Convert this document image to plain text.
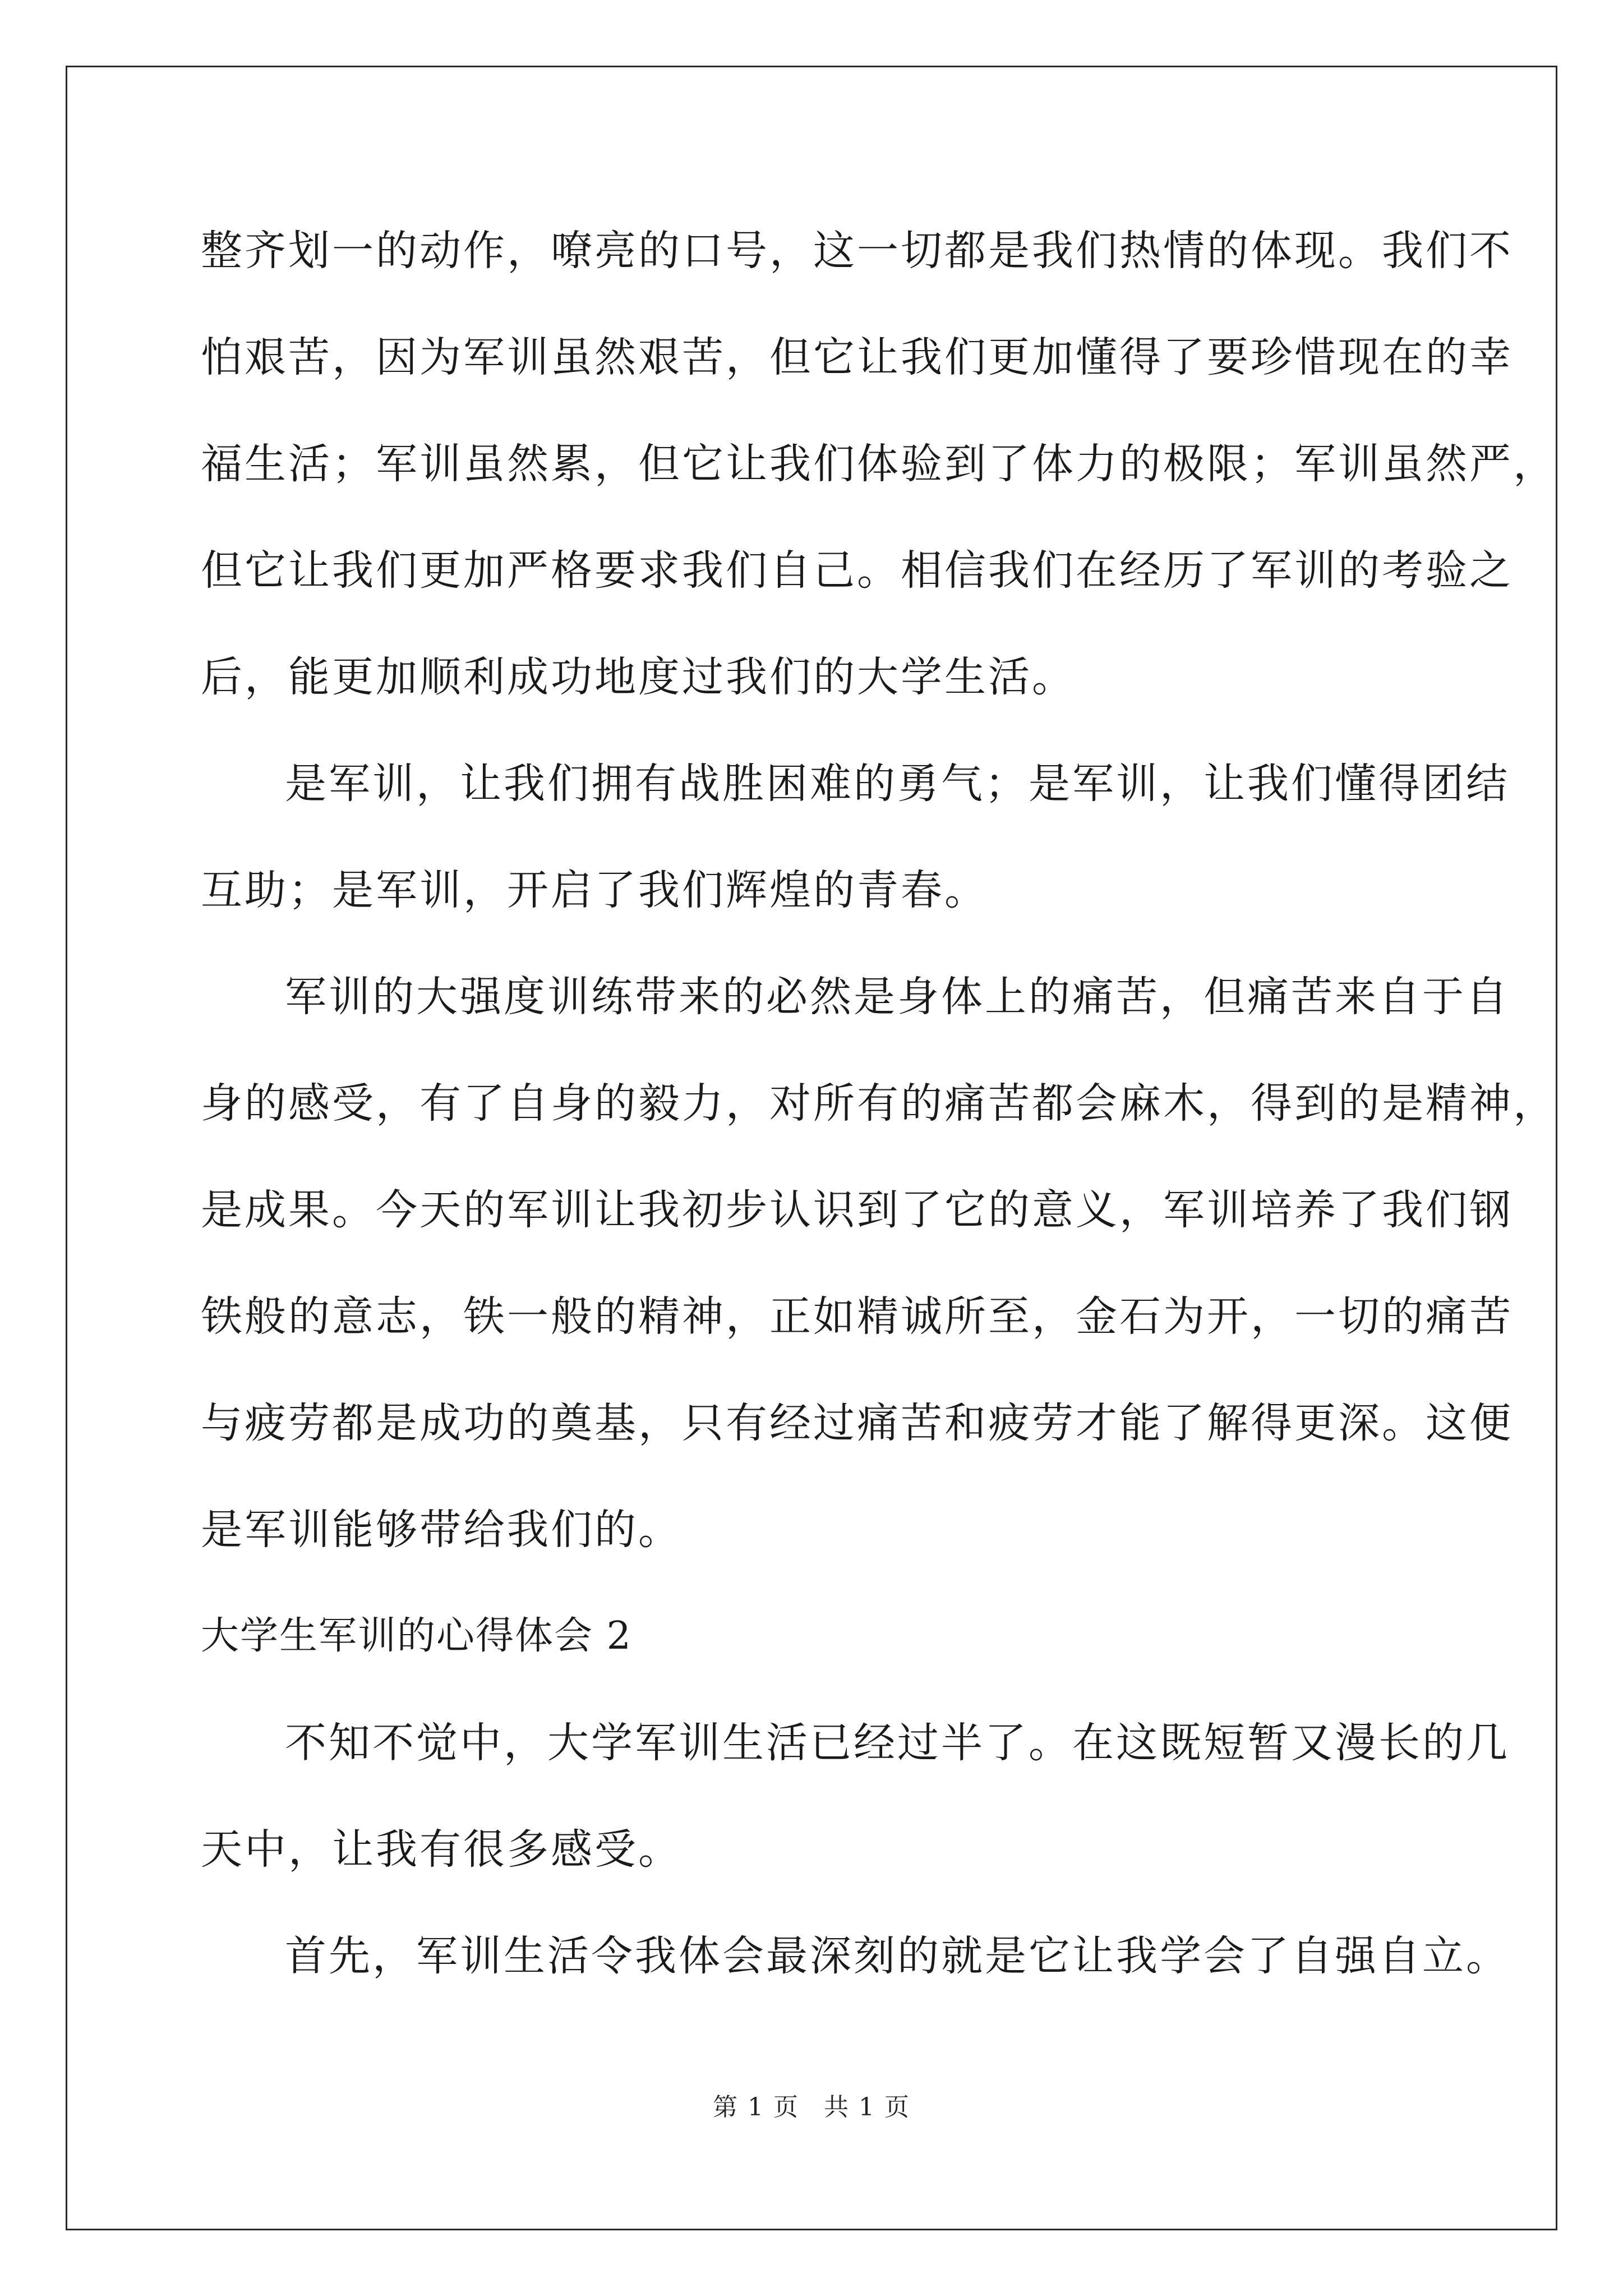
整齐划一的动作，嘹亮的口号，这一切都是我们热情的体现。我们不
怕艰苦，因为军训虽然艰苦，但它让我们更加懂得了要珍惜现在的幸
福生活；军训虽然累，但它让我们体验到了体力的极限；军训虽然严，
但它让我们更加严格要求我们自己。相信我们在经历了军训的考验之
后，能更加顺利成功地度过我们的大学生活。
是军训，让我们拥有战胜困难的勇气；是军训，让我们懂得团结
互助；是军训，开启了我们辉煌的青春。
军训的大强度训练带来的必然是身体上的痛苦，但痛苦来自于自
身的感受，有了自身的毅力，对所有的痛苦都会麻木，得到的是精神，
是成果。今天的军训让我初步认识到了它的意义，军训培养了我们钢
铁般的意志，铁一般的精神，正如精诚所至，金石为开，一切的痛苦
与疲劳都是成功的奠基，只有经过痛苦和疲劳才能了解得更深。这便
是军训能够带给我们的。
大学生军训的心得体会 2
不知不觉中，大学军训生活已经过半了。在这既短暂又漫长的几
天中，让我有很多感受。
首先，军训生活令我体会最深刻的就是它让我学会了自强自立。
第 1 页 共 1 页
